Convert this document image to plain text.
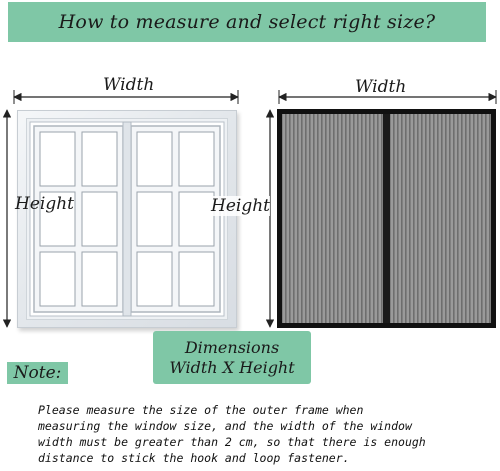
How to measure and select right size?
Width	Width
Height	Height
Dimensions
Width X Height
Note:
Please measure the size of the outer frame when
measuring the window size, and the width of the window
width must be greater than 2 cm, so that there is enough
distance to stick the hook and loop fastener.
